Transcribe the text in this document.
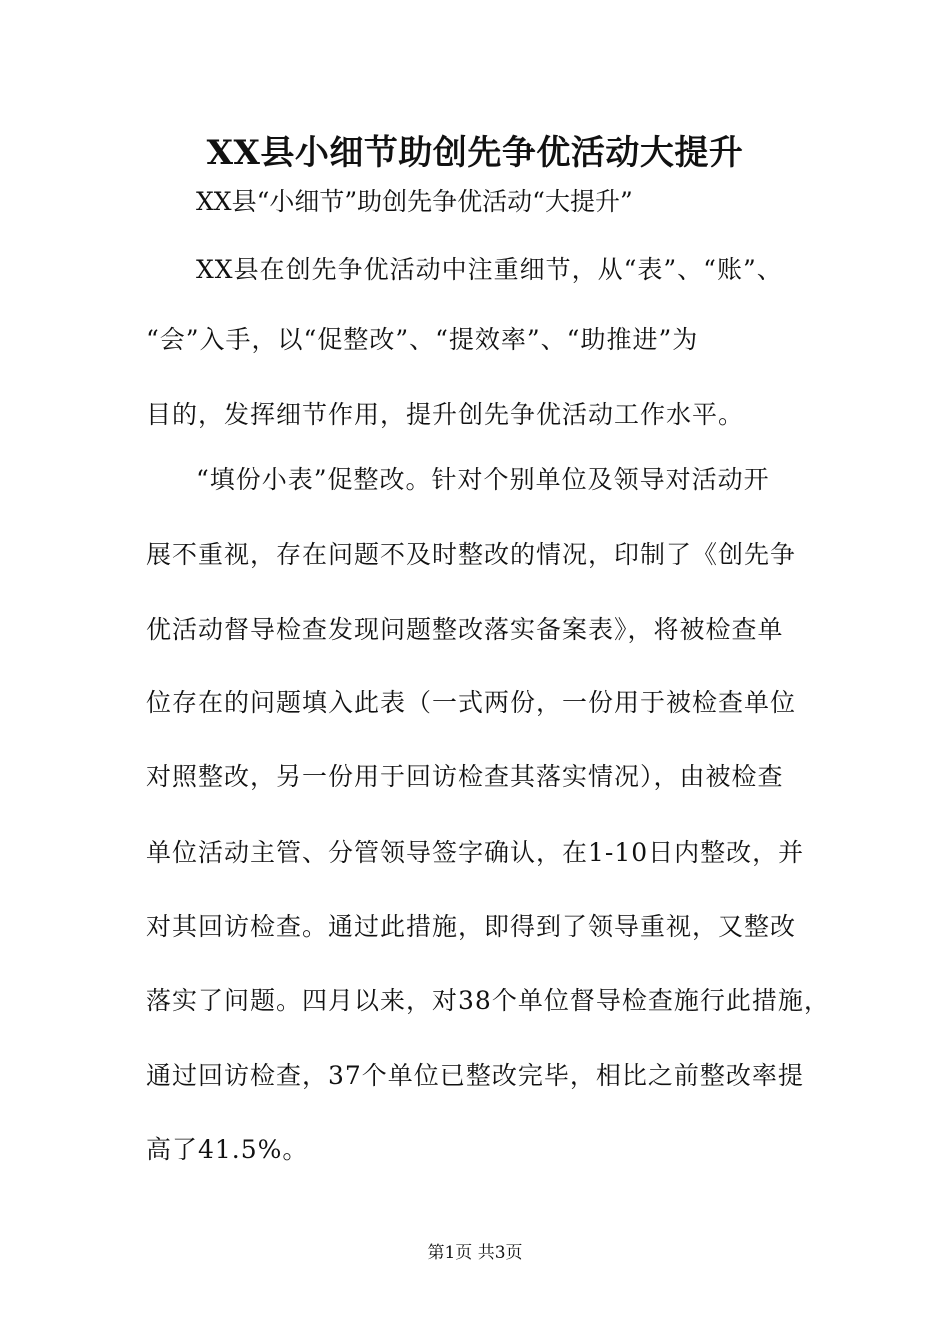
XX县小细节助创先争优活动大提升
XX县“小细节”助创先争优活动“大提升”
XX县在创先争优活动中注重细节，从“表”、“账”、
“会”入手，以“促整改”、“提效率”、“助推进”为
目的，发挥细节作用，提升创先争优活动工作水平。
“填份小表”促整改。针对个别单位及领导对活动开
展不重视，存在问题不及时整改的情况，印制了《创先争
优活动督导检查发现问题整改落实备案表》，将被检查单
位存在的问题填入此表（一式两份，一份用于被检查单位
对照整改，另一份用于回访检查其落实情况），由被检查
单位活动主管、分管领导签字确认，在1-10日内整改，并
对其回访检查。通过此措施，即得到了领导重视，又整改
落实了问题。四月以来，对38个单位督导检查施行此措施，
通过回访检查，37个单位已整改完毕，相比之前整改率提
高了41.5%。
第1页 共3页
